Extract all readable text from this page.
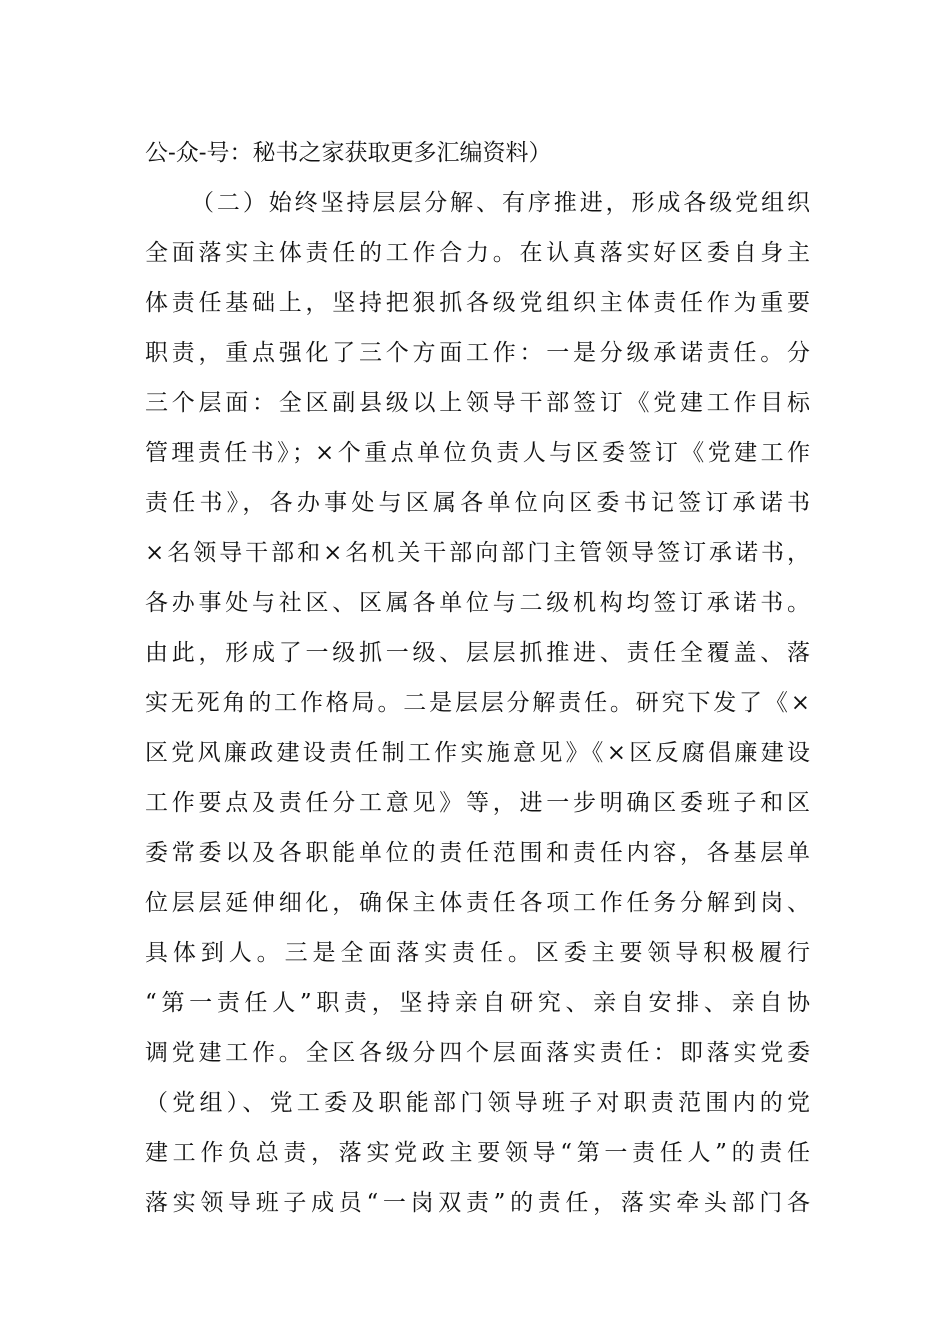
公-众-号：秘书之家获取更多汇编资料）
（二）始终坚持层层分解、有序推进，形成各级党组织
全面落实主体责任的工作合力。在认真落实好区委自身主
体责任基础上，坚持把狠抓各级党组织主体责任作为重要
职责，重点强化了三个方面工作：一是分级承诺责任。分
三个层面：全区副县级以上领导干部签订《党建工作目标
管理责任书》；×个重点单位负责人与区委签订《党建工作
责任书》，各办事处与区属各单位向区委书记签订承诺书
×名领导干部和×名机关干部向部门主管领导签订承诺书，
各办事处与社区、区属各单位与二级机构均签订承诺书。
由此，形成了一级抓一级、层层抓推进、责任全覆盖、落
实无死角的工作格局。二是层层分解责任。研究下发了《×
区党风廉政建设责任制工作实施意见》《×区反腐倡廉建设
工作要点及责任分工意见》等，进一步明确区委班子和区
委常委以及各职能单位的责任范围和责任内容，各基层单
位层层延伸细化，确保主体责任各项工作任务分解到岗、
具体到人。三是全面落实责任。区委主要领导积极履行
“第一责任人”职责，坚持亲自研究、亲自安排、亲自协
调党建工作。全区各级分四个层面落实责任：即落实党委
（党组）、党工委及职能部门领导班子对职责范围内的党
建工作负总责，落实党政主要领导“第一责任人”的责任
落实领导班子成员“一岗双责”的责任，落实牵头部门各
